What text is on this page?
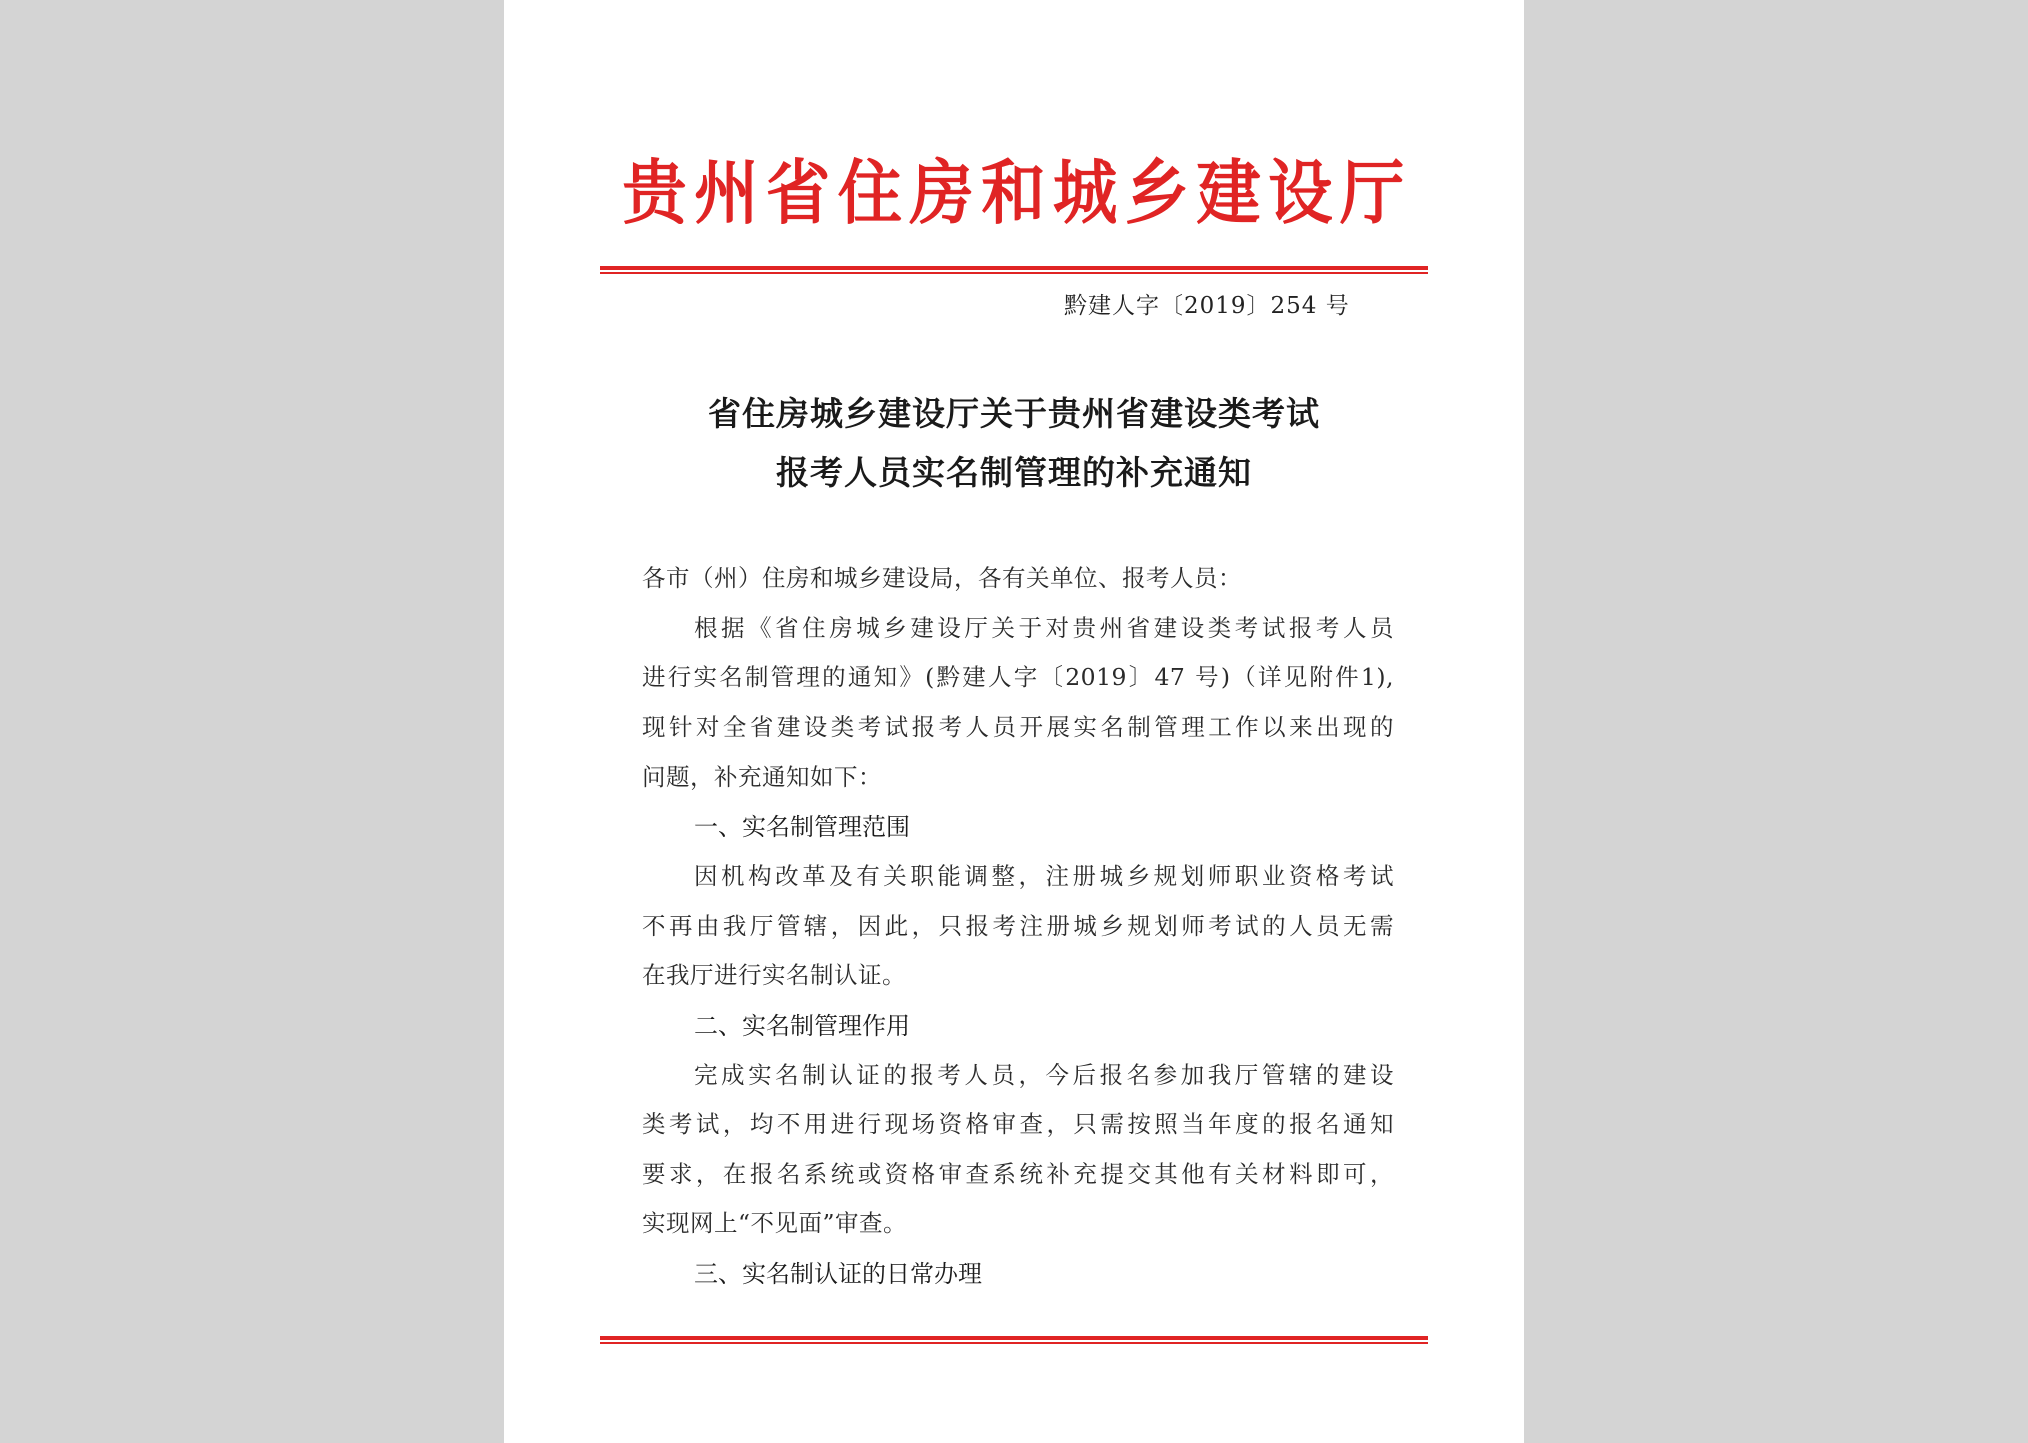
贵州省住房和城乡建设厅
黔建人字〔2019〕254 号
省住房城乡建设厅关于贵州省建设类考试
报考人员实名制管理的补充通知
各市（州）住房和城乡建设局，各有关单位、报考人员：
根据《省住房城乡建设厅关于对贵州省建设类考试报考人员
进行实名制管理的通知》(黔建人字〔2019〕47 号)（详见附件1),
现针对全省建设类考试报考人员开展实名制管理工作以来出现的
问题，补充通知如下：
一、实名制管理范围
因机构改革及有关职能调整，注册城乡规划师职业资格考试
不再由我厅管辖，因此，只报考注册城乡规划师考试的人员无需
在我厅进行实名制认证。
二、实名制管理作用
完成实名制认证的报考人员，今后报名参加我厅管辖的建设
类考试，均不用进行现场资格审查，只需按照当年度的报名通知
要求，在报名系统或资格审查系统补充提交其他有关材料即可，
实现网上“不见面”审查。
三、实名制认证的日常办理
